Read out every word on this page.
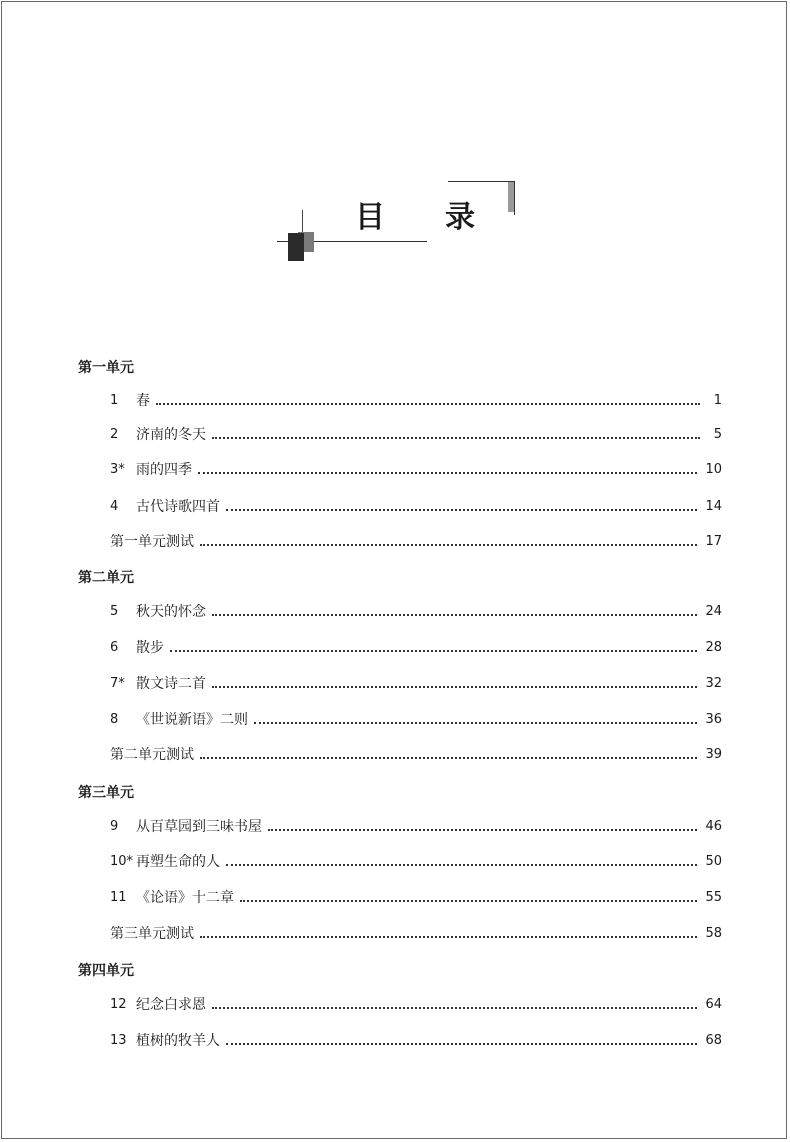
目 录
第一单元
1	春	1
2	济南的冬天	5
3* 雨的四季	10
4	古代诗歌四首	14
第一单元测试	17
第二单元
5	秋天的怀念	24
6	散步	28
7* 散文诗二首	32
8	《世说新语》二则	36
第二单元测试	39
第三单元
9	从百草园到三味书屋	46
10* 再塑生命的人	50
11 《论语》十二章	55
第三单元测试	58
第四单元
12 纪念白求恩	64
13 植树的牧羊人	68
